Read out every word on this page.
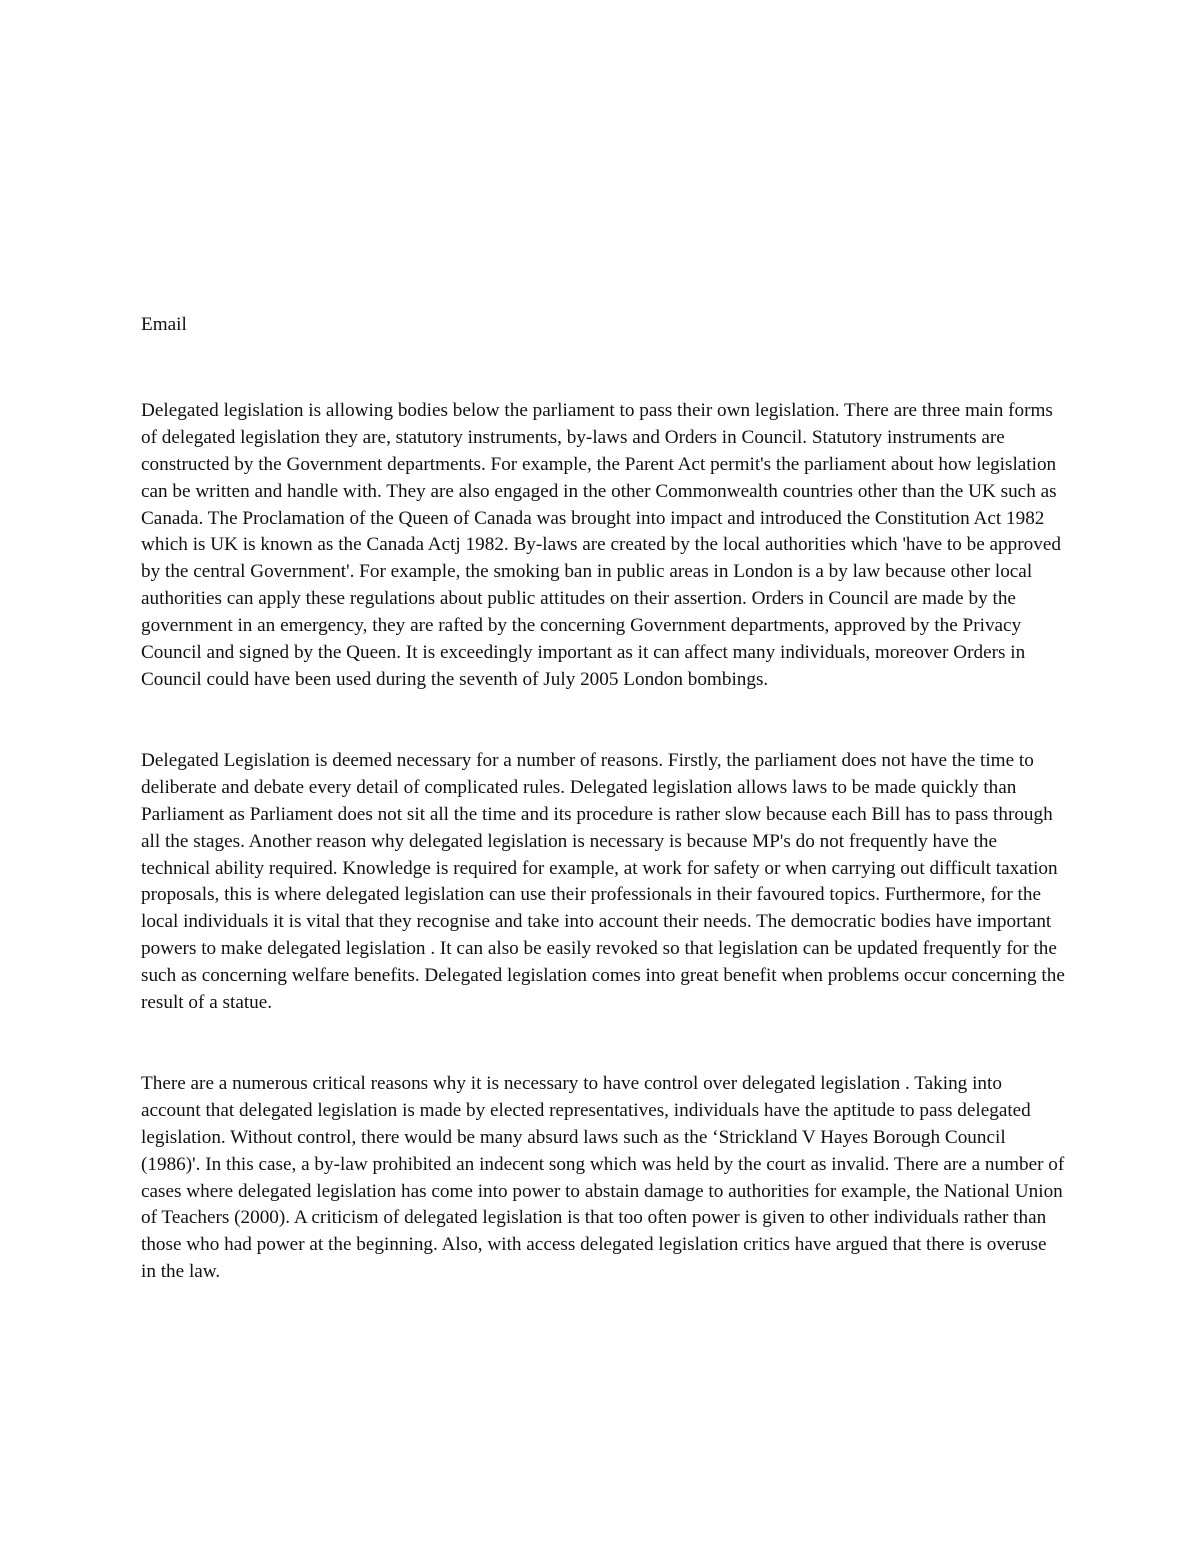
Email

Delegated legislation is allowing bodies below the parliament to pass their own legislation. There are three main forms of delegated legislation they are, statutory instruments, by-laws and Orders in Council. Statutory instruments are constructed by the Government departments. For example, the Parent Act permit's the parliament about how legislation can be written and handle with. They are also engaged in the other Commonwealth countries other than the UK such as Canada. The Proclamation of the Queen of Canada was brought into impact and introduced the Constitution Act 1982 which is UK is known as the Canada Actj 1982. By-laws are created by the local authorities which 'have to be approved by the central Government'. For example, the smoking ban in public areas in London is a by law because other local authorities can apply these regulations about public attitudes on their assertion. Orders in Council are made by the government in an emergency, they are rafted by the concerning Government departments, approved by the Privacy Council and signed by the Queen. It is exceedingly important as it can affect many individuals, moreover Orders in Council could have been used during the seventh of July 2005 London bombings.

Delegated Legislation is deemed necessary for a number of reasons. Firstly, the parliament does not have the time to deliberate and debate every detail of complicated rules. Delegated legislation allows laws to be made quickly than Parliament as Parliament does not sit all the time and its procedure is rather slow because each Bill has to pass through all the stages. Another reason why delegated legislation is necessary is because MP's do not frequently have the technical ability required. Knowledge is required for example, at work for safety or when carrying out difficult taxation proposals, this is where delegated legislation can use their professionals in their favoured topics. Furthermore, for the local individuals it is vital that they recognise and take into account their needs. The democratic bodies have important powers to make delegated legislation . It can also be easily revoked so that legislation can be updated frequently for the such as concerning welfare benefits. Delegated legislation comes into great benefit when problems occur concerning the result of a statue.

There are a numerous critical reasons why it is necessary to have control over delegated legislation . Taking into account that delegated legislation is made by elected representatives, individuals have the aptitude to pass delegated legislation. Without control, there would be many absurd laws such as the ‘Strickland V Hayes Borough Council (1986)'. In this case, a by-law prohibited an indecent song which was held by the court as invalid. There are a number of cases where delegated legislation has come into power to abstain damage to authorities for example, the National Union of Teachers (2000). A criticism of delegated legislation is that too often power is given to other individuals rather than those who had power at the beginning. Also, with access delegated legislation critics have argued that there is overuse in the law.
